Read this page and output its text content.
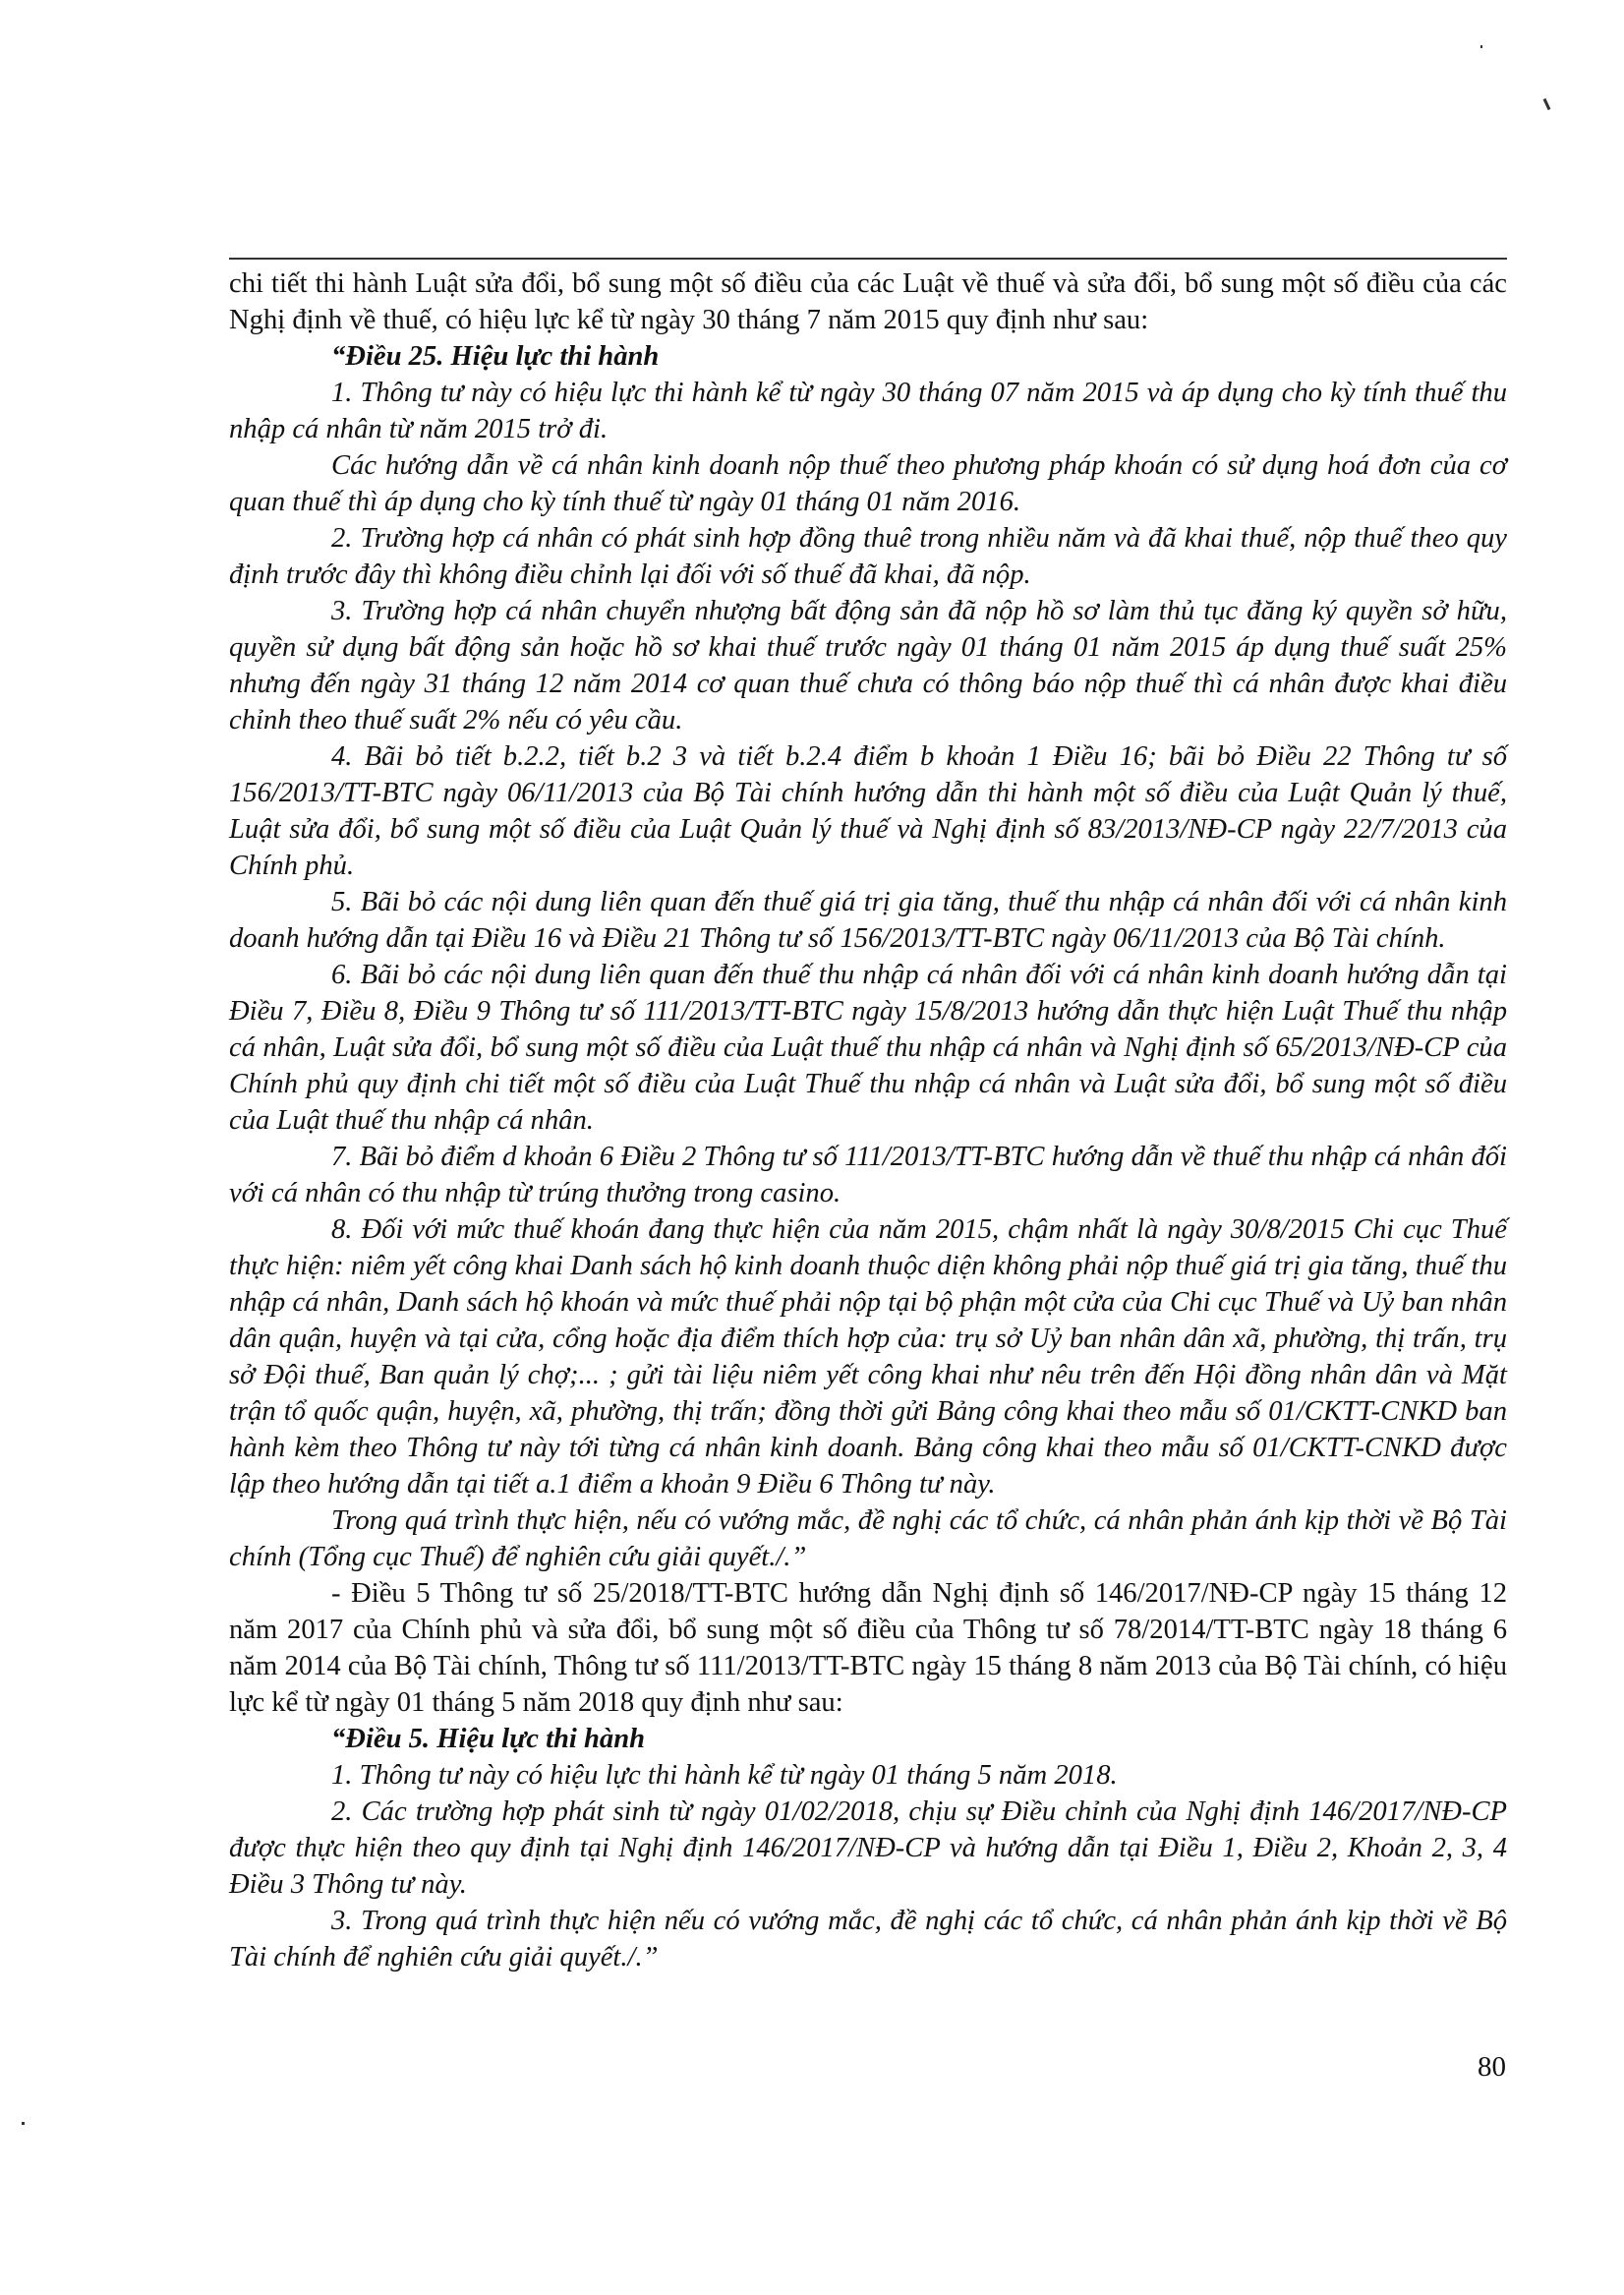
chi tiết thi hành Luật sửa đổi, bổ sung một số điều của các Luật về thuế và sửa đổi, bổ sung một số điều của các Nghị định về thuế, có hiệu lực kể từ ngày 30 tháng 7 năm 2015 quy định như sau:

“Điều 25. Hiệu lực thi hành

1. Thông tư này có hiệu lực thi hành kể từ ngày 30 tháng 07 năm 2015 và áp dụng cho kỳ tính thuế thu nhập cá nhân từ năm 2015 trở đi.

Các hướng dẫn về cá nhân kinh doanh nộp thuế theo phương pháp khoán có sử dụng hoá đơn của cơ quan thuế thì áp dụng cho kỳ tính thuế từ ngày 01 tháng 01 năm 2016.

2. Trường hợp cá nhân có phát sinh hợp đồng thuê trong nhiều năm và đã khai thuế, nộp thuế theo quy định trước đây thì không điều chỉnh lại đối với số thuế đã khai, đã nộp.

3. Trường hợp cá nhân chuyển nhượng bất động sản đã nộp hồ sơ làm thủ tục đăng ký quyền sở hữu, quyền sử dụng bất động sản hoặc hồ sơ khai thuế trước ngày 01 tháng 01 năm 2015 áp dụng thuế suất 25% nhưng đến ngày 31 tháng 12 năm 2014 cơ quan thuế chưa có thông báo nộp thuế thì cá nhân được khai điều chỉnh theo thuế suất 2% nếu có yêu cầu.

4. Bãi bỏ tiết b.2.2, tiết b.2 3 và tiết b.2.4 điểm b khoản 1 Điều 16; bãi bỏ Điều 22 Thông tư số 156/2013/TT-BTC ngày 06/11/2013 của Bộ Tài chính hướng dẫn thi hành một số điều của Luật Quản lý thuế, Luật sửa đổi, bổ sung một số điều của Luật Quản lý thuế và Nghị định số 83/2013/NĐ-CP ngày 22/7/2013 của Chính phủ.

5. Bãi bỏ các nội dung liên quan đến thuế giá trị gia tăng, thuế thu nhập cá nhân đối với cá nhân kinh doanh hướng dẫn tại Điều 16 và Điều 21 Thông tư số 156/2013/TT-BTC ngày 06/11/2013 của Bộ Tài chính.

6. Bãi bỏ các nội dung liên quan đến thuế thu nhập cá nhân đối với cá nhân kinh doanh hướng dẫn tại Điều 7, Điều 8, Điều 9 Thông tư số 111/2013/TT-BTC ngày 15/8/2013 hướng dẫn thực hiện Luật Thuế thu nhập cá nhân, Luật sửa đổi, bổ sung một số điều của Luật thuế thu nhập cá nhân và Nghị định số 65/2013/NĐ-CP của Chính phủ quy định chi tiết một số điều của Luật Thuế thu nhập cá nhân và Luật sửa đổi, bổ sung một số điều của Luật thuế thu nhập cá nhân.

7. Bãi bỏ điểm d khoản 6 Điều 2 Thông tư số 111/2013/TT-BTC hướng dẫn về thuế thu nhập cá nhân đối với cá nhân có thu nhập từ trúng thưởng trong casino.

8. Đối với mức thuế khoán đang thực hiện của năm 2015, chậm nhất là ngày 30/8/2015 Chi cục Thuế thực hiện: niêm yết công khai Danh sách hộ kinh doanh thuộc diện không phải nộp thuế giá trị gia tăng, thuế thu nhập cá nhân, Danh sách hộ khoán và mức thuế phải nộp tại bộ phận một cửa của Chi cục Thuế và Uỷ ban nhân dân quận, huyện và tại cửa, cổng hoặc địa điểm thích hợp của: trụ sở Uỷ ban nhân dân xã, phường, thị trấn, trụ sở Đội thuế, Ban quản lý chợ;... ; gửi tài liệu niêm yết công khai như nêu trên đến Hội đồng nhân dân và Mặt trận tổ quốc quận, huyện, xã, phường, thị trấn; đồng thời gửi Bảng công khai theo mẫu số 01/CKTT-CNKD ban hành kèm theo Thông tư này tới từng cá nhân kinh doanh. Bảng công khai theo mẫu số 01/CKTT-CNKD được lập theo hướng dẫn tại tiết a.1 điểm a khoản 9 Điều 6 Thông tư này.

Trong quá trình thực hiện, nếu có vướng mắc, đề nghị các tổ chức, cá nhân phản ánh kịp thời về Bộ Tài chính (Tổng cục Thuế) để nghiên cứu giải quyết./.”

- Điều 5 Thông tư số 25/2018/TT-BTC hướng dẫn Nghị định số 146/2017/NĐ-CP ngày 15 tháng 12 năm 2017 của Chính phủ và sửa đổi, bổ sung một số điều của Thông tư số 78/2014/TT-BTC ngày 18 tháng 6 năm 2014 của Bộ Tài chính, Thông tư số 111/2013/TT-BTC ngày 15 tháng 8 năm 2013 của Bộ Tài chính, có hiệu lực kể từ ngày 01 tháng 5 năm 2018 quy định như sau:

“Điều 5. Hiệu lực thi hành

1. Thông tư này có hiệu lực thi hành kể từ ngày 01 tháng 5 năm 2018.

2. Các trường hợp phát sinh từ ngày 01/02/2018, chịu sự Điều chỉnh của Nghị định 146/2017/NĐ-CP được thực hiện theo quy định tại Nghị định 146/2017/NĐ-CP và hướng dẫn tại Điều 1, Điều 2, Khoản 2, 3, 4 Điều 3 Thông tư này.

3. Trong quá trình thực hiện nếu có vướng mắc, đề nghị các tổ chức, cá nhân phản ánh kịp thời về Bộ Tài chính để nghiên cứu giải quyết./.”

80
